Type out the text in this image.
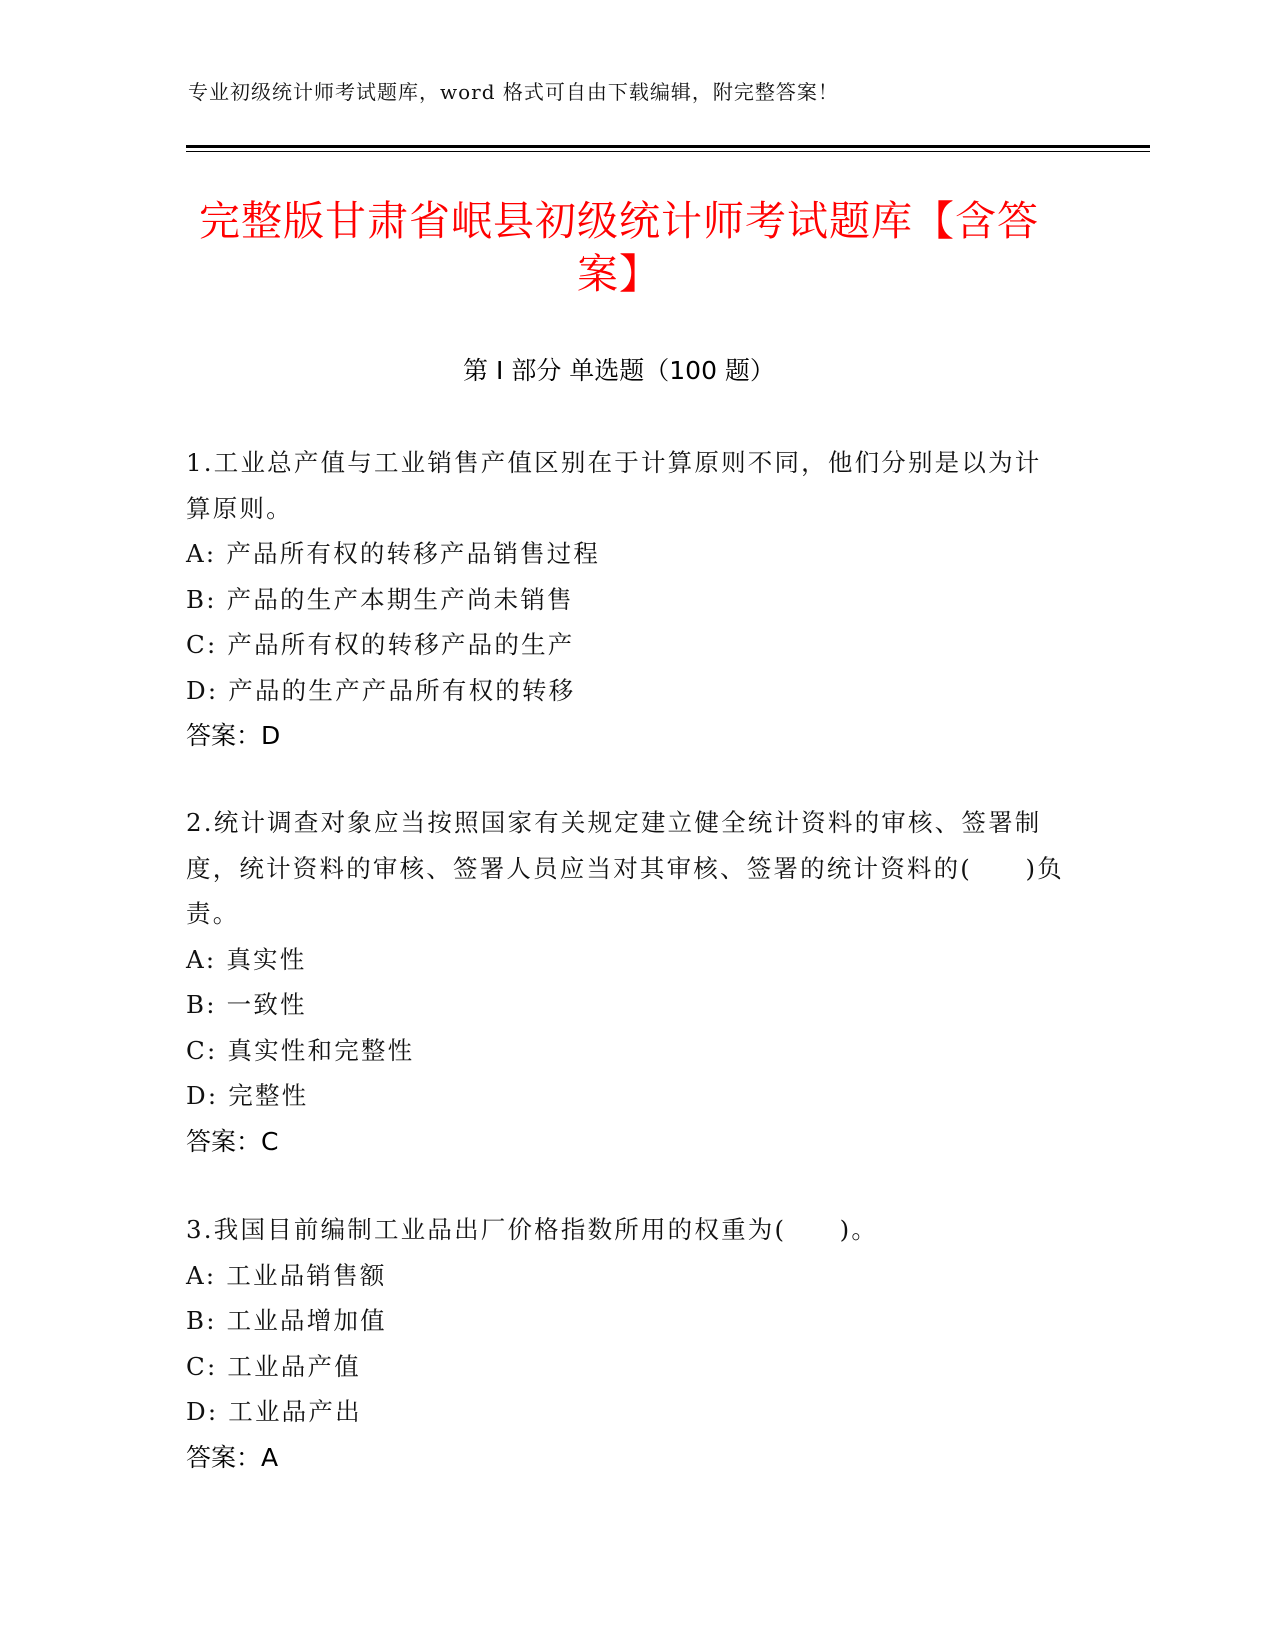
专业初级统计师考试题库，word 格式可自由下载编辑，附完整答案！
完整版甘肃省岷县初级统计师考试题库【含答案】
第 I 部分 单选题（100 题）

1.工业总产值与工业销售产值区别在于计算原则不同，他们分别是以为计算原则。

A: 产品所有权的转移产品销售过程
B: 产品的生产本期生产尚未销售
C: 产品所有权的转移产品的生产
D: 产品的生产产品所有权的转移
答案：D

2.统计调查对象应当按照国家有关规定建立健全统计资料的审核、签署制度，统计资料的审核、签署人员应当对其审核、签署的统计资料的(　　)负责。

A: 真实性
B: 一致性
C: 真实性和完整性
D: 完整性
答案：C

3.我国目前编制工业品出厂价格指数所用的权重为(　　)。

A: 工业品销售额
B: 工业品增加值
C: 工业品产值
D: 工业品产出
答案：A
